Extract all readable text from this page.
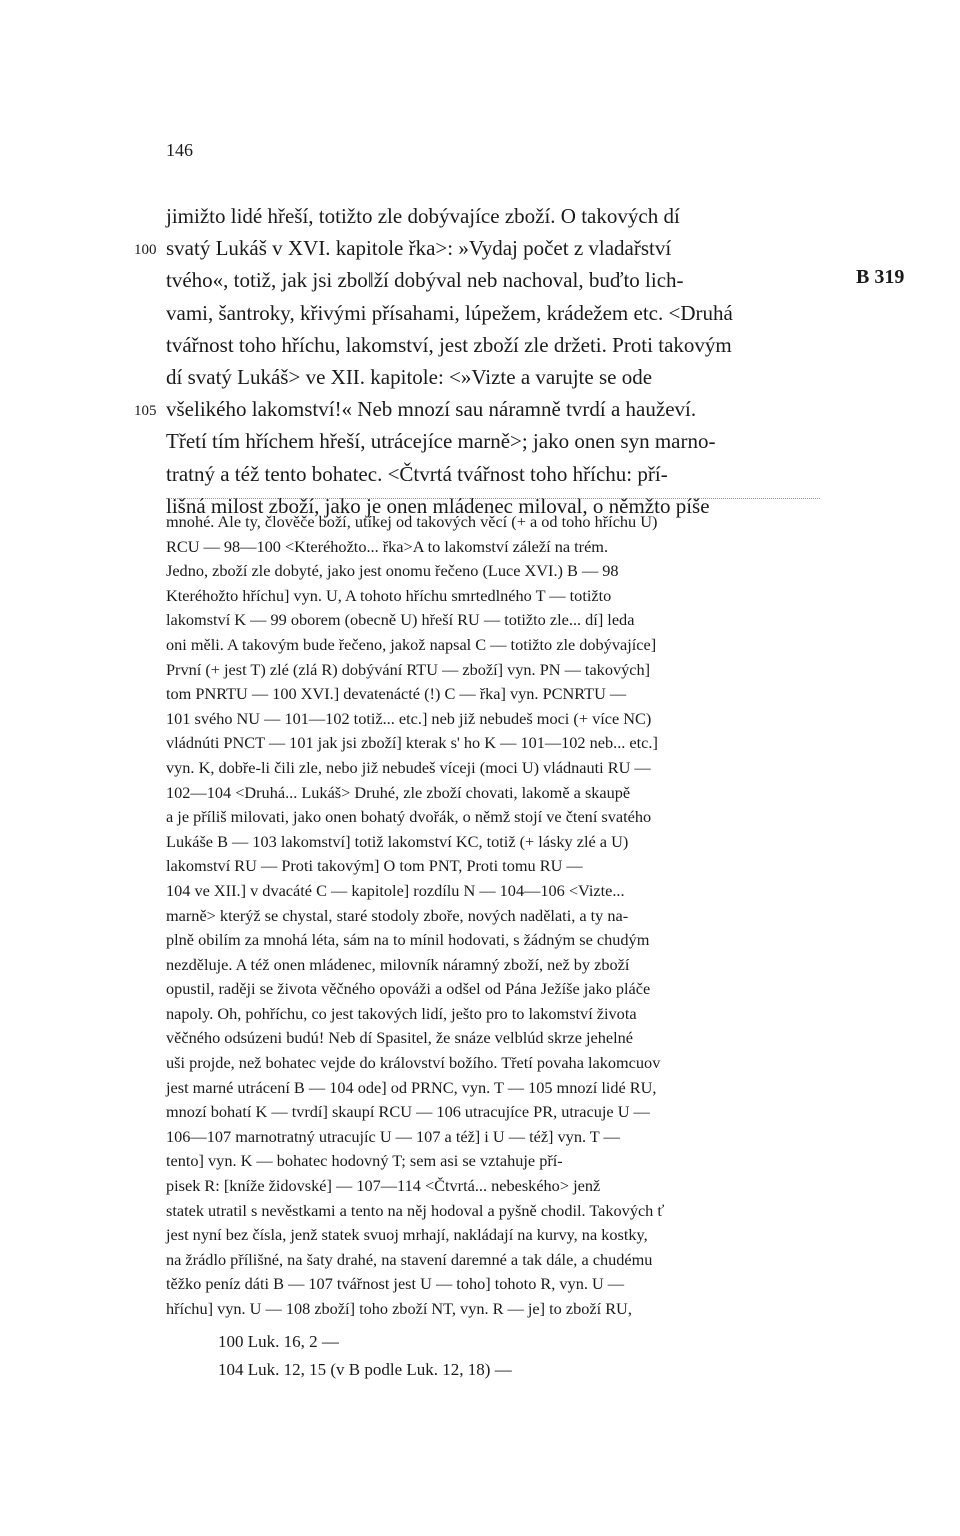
146
jimižto lidé hřeší, totižto zle dobývajíce zboží. O takových dí
100 svatý Lukáš v XVI. kapitole řka>: »Vydaj počet z vladařství
tvého«, totiž, jak jsi zbo‖ží dobýval neb nachoval, buďto lich-
vami, šantroky, křivými přísahami, lúpežem, krádežem etc. <Druhá
tvářnost toho hříchu, lakomství, jest zboží zle držeti. Proti takovým
dí svatý Lukáš> ve XII. kapitole: <»Vizte a varujte se ode
105 všelikého lakomství!« Neb mnozí sau náramně tvrdí a hauževí.
Třetí tím hříchem hřeší, utrácejíce marně>; jako onen syn marno-
tratný a též tento bohatec. <Čtvrtá tvářnost toho hříchu: pří-
lišná milost zboží, jako je onen mládenec miloval, o němžto píše
B 319
mnohé. Ale ty, člověče boží, utíkej od takových věcí (+ a od toho hříchu U)
RCU — 98—100 <Kteréhožto... řka>A to lakomství záleží na trém.
Jedno, zboží zle dobyté, jako jest onomu řečeno (Luce XVI.) B — 98
Kteréhožto hříchu] vyn. U, A tohoto hříchu smrtedlného T — totižto
lakomství K — 99 oborem (obecně U) hřeší RU — totižto zle... dí] leda
oni měli. A takovým bude řečeno, jakož napsal C — totižto zle dobývajíce]
První (+ jest T) zlé (zlá R) dobývání RTU — zboží] vyn. PN — takových]
tom PNRTU — 100 XVI.] devatenácté (!) C — řka] vyn. PCNRTU —
101 svého NU — 101—102 totiž... etc.] neb již nebudeš moci (+ více NC)
vládnúti PNCT — 101 jak jsi zboží] kterak s' ho K — 101—102 neb... etc.]
vyn. K, dobře-li čili zle, nebo již nebudeš víceji (moci U) vládnauti RU —
102—104 <Druhá... Lukáš> Druhé, zle zboží chovati, lakomě a skaupě
a je příliš milovati, jako onen bohatý dvořák, o němž stojí ve čtení svatého
Lukáše B — 103 lakomství] totiž lakomství KC, totiž (+ lásky zlé a U)
lakomství RU — Proti takovým] O tom PNT, Proti tomu RU —
104 ve XII.] v dvacáté C — kapitole] rozdílu N — 104—106 <Vizte...
marně> kterýž se chystal, staré stodoly zboře, nových nadělati, a ty na-
plně obilím za mnohá léta, sám na to mínil hodovati, s žádným se chudým
nezděluje. A též onen mládenec, milovník náramný zboží, než by zboží
opustil, raději se života věčného opováži a odšel od Pána Ježíše jako pláče
napoly. Oh, pohříchu, co jest takových lidí, ješto pro to lakomství života
věčného odsúzeni budú! Neb dí Spasitel, že snáze velblúd skrze jehelné
uši projde, než bohatec vejde do království božího. Třetí povaha lakomcuov
jest marné utrácení B — 104 ode] od PRNC, vyn. T — 105 mnozí lidé RU,
mnozí bohatí K — tvrdí] skaupí RCU — 106 utracujíce PR, utracuje U —
106—107 marnotratný utracujíc U — 107 a též] i U — též] vyn. T —
tento] vyn. K — bohatec hodovný T; sem asi se vztahuje pří-
pisek R: [kníže židovské] — 107—114 <Čtvrtá... nebeského> jenž
statek utratil s nevěstkami a tento na něj hodoval a pyšně chodil. Takových ť
jest nyní bez čísla, jenž statek svuoj mrhají, nakládají na kurvy, na kostky,
na žrádlo přílišné, na šaty drahé, na stavení daremné a tak dále, a chudému
těžko peníz dáti B — 107 tvářnost jest U — toho] tohoto R, vyn. U —
hříchu] vyn. U — 108 zboží] toho zboží NT, vyn. R — je] to zboží RU,
100 Luk. 16, 2 —
104 Luk. 12, 15 (v B podle Luk. 12, 18) —
